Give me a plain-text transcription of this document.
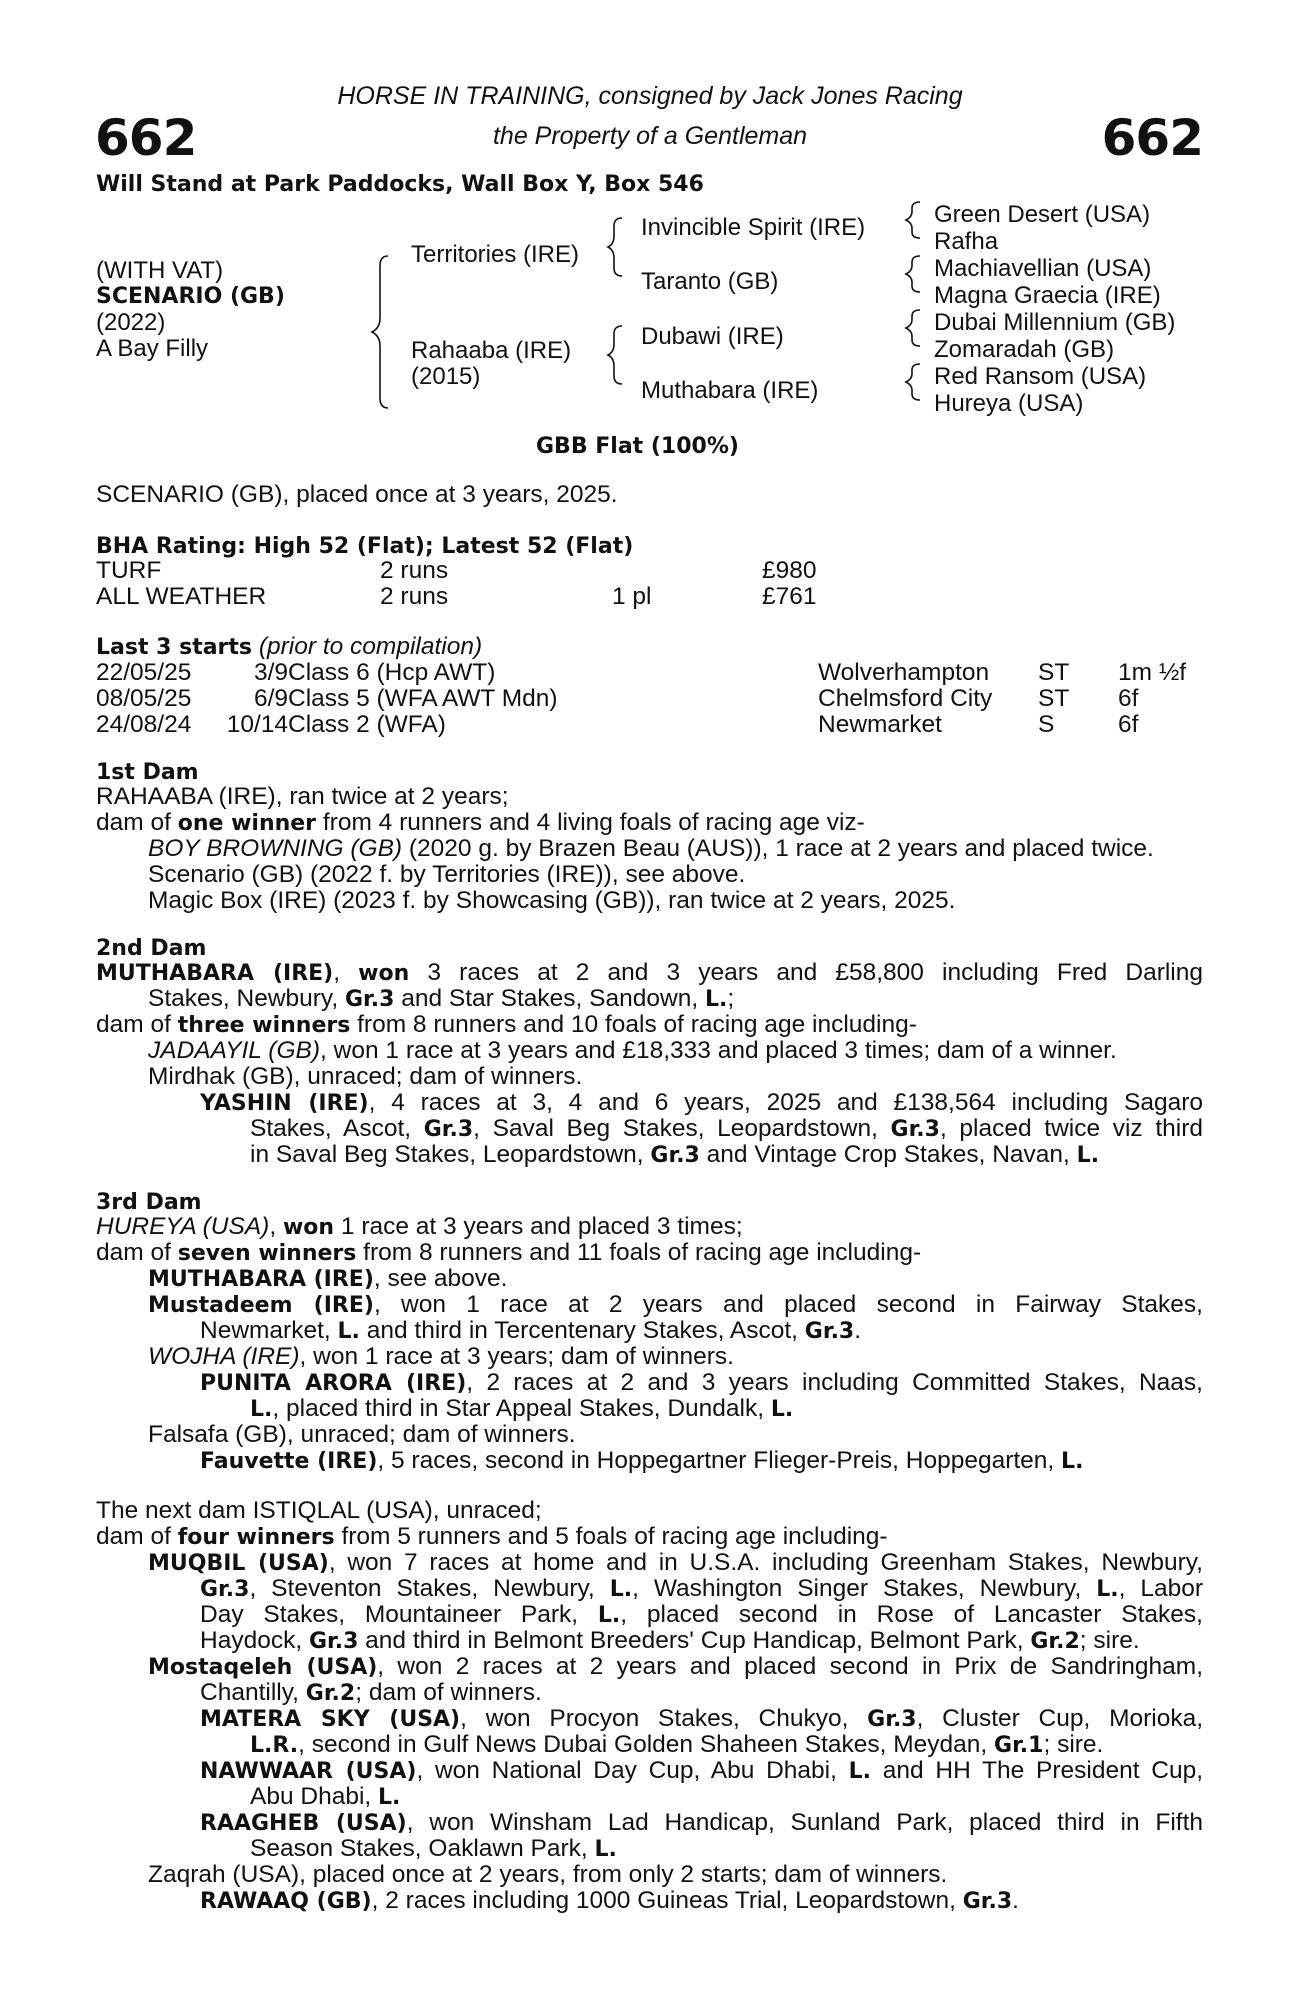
662	662
HORSE IN TRAINING, consigned by Jack Jones Racing
the Property of a Gentleman
Will Stand at Park Paddocks, Wall Box Y, Box 546
(WITH VAT)
SCENARIO (GB)
(2022)
A Bay Filly
Territories (IRE)
Rahaaba (IRE)
(2015)
Invincible Spirit (IRE)
Taranto (GB)
Dubawi (IRE)
Muthabara (IRE)
Green Desert (USA)
Rafha
Machiavellian (USA)
Magna Graecia (IRE)
Dubai Millennium (GB)
Zomaradah (GB)
Red Ransom (USA)
Hureya (USA)
GBB Flat (100%)
SCENARIO (GB), placed once at 3 years, 2025.
BHA Rating: High 52 (Flat); Latest 52 (Flat)
TURF	2 runs	£980
ALL WEATHER	2 runs	1 pl	£761
Last 3 starts (prior to compilation)
22/05/25	3/9 Class 6 (Hcp AWT)	Wolverhampton ST 1m ½f
08/05/25	6/9 Class 5 (WFA AWT Mdn)	Chelmsford City ST 6f
24/08/24	10/14 Class 2 (WFA)	Newmarket	S	6f
1st Dam
RAHAABA (IRE), ran twice at 2 years;
dam of one winner from 4 runners and 4 living foals of racing age viz-
BOY BROWNING (GB) (2020 g. by Brazen Beau (AUS)), 1 race at 2 years and placed twice.
Scenario (GB) (2022 f. by Territories (IRE)), see above.
Magic Box (IRE) (2023 f. by Showcasing (GB)), ran twice at 2 years, 2025.
2nd Dam
MUTHABARA (IRE), won 3 races at 2 and 3 years and £58,800 including Fred Darling
Stakes, Newbury, Gr.3 and Star Stakes, Sandown, L.;
dam of three winners from 8 runners and 10 foals of racing age including-
JADAAYIL (GB), won 1 race at 3 years and £18,333 and placed 3 times; dam of a winner.
Mirdhak (GB), unraced; dam of winners.
YASHIN (IRE), 4 races at 3, 4 and 6 years, 2025 and £138,564 including Sagaro
Stakes, Ascot, Gr.3, Saval Beg Stakes, Leopardstown, Gr.3, placed twice viz third
in Saval Beg Stakes, Leopardstown, Gr.3 and Vintage Crop Stakes, Navan, L.
3rd Dam
HUREYA (USA), won 1 race at 3 years and placed 3 times;
dam of seven winners from 8 runners and 11 foals of racing age including-
MUTHABARA (IRE), see above.
Mustadeem (IRE), won 1 race at 2 years and placed second in Fairway Stakes,
Newmarket, L. and third in Tercentenary Stakes, Ascot, Gr.3.
WOJHA (IRE), won 1 race at 3 years; dam of winners.
PUNITA ARORA (IRE), 2 races at 2 and 3 years including Committed Stakes, Naas,
L., placed third in Star Appeal Stakes, Dundalk, L.
Falsafa (GB), unraced; dam of winners.
Fauvette (IRE), 5 races, second in Hoppegartner Flieger-Preis, Hoppegarten, L.
The next dam ISTIQLAL (USA), unraced;
dam of four winners from 5 runners and 5 foals of racing age including-
MUQBIL (USA), won 7 races at home and in U.S.A. including Greenham Stakes, Newbury,
Gr.3, Steventon Stakes, Newbury, L., Washington Singer Stakes, Newbury, L., Labor
Day Stakes, Mountaineer Park, L., placed second in Rose of Lancaster Stakes,
Haydock, Gr.3 and third in Belmont Breeders' Cup Handicap, Belmont Park, Gr.2; sire.
Mostaqeleh (USA), won 2 races at 2 years and placed second in Prix de Sandringham,
Chantilly, Gr.2; dam of winners.
MATERA SKY (USA), won Procyon Stakes, Chukyo, Gr.3, Cluster Cup, Morioka,
L.R., second in Gulf News Dubai Golden Shaheen Stakes, Meydan, Gr.1; sire.
NAWWAAR (USA), won National Day Cup, Abu Dhabi, L. and HH The President Cup,
Abu Dhabi, L.
RAAGHEB (USA), won Winsham Lad Handicap, Sunland Park, placed third in Fifth
Season Stakes, Oaklawn Park, L.
Zaqrah (USA), placed once at 2 years, from only 2 starts; dam of winners.
RAWAAQ (GB), 2 races including 1000 Guineas Trial, Leopardstown, Gr.3.
